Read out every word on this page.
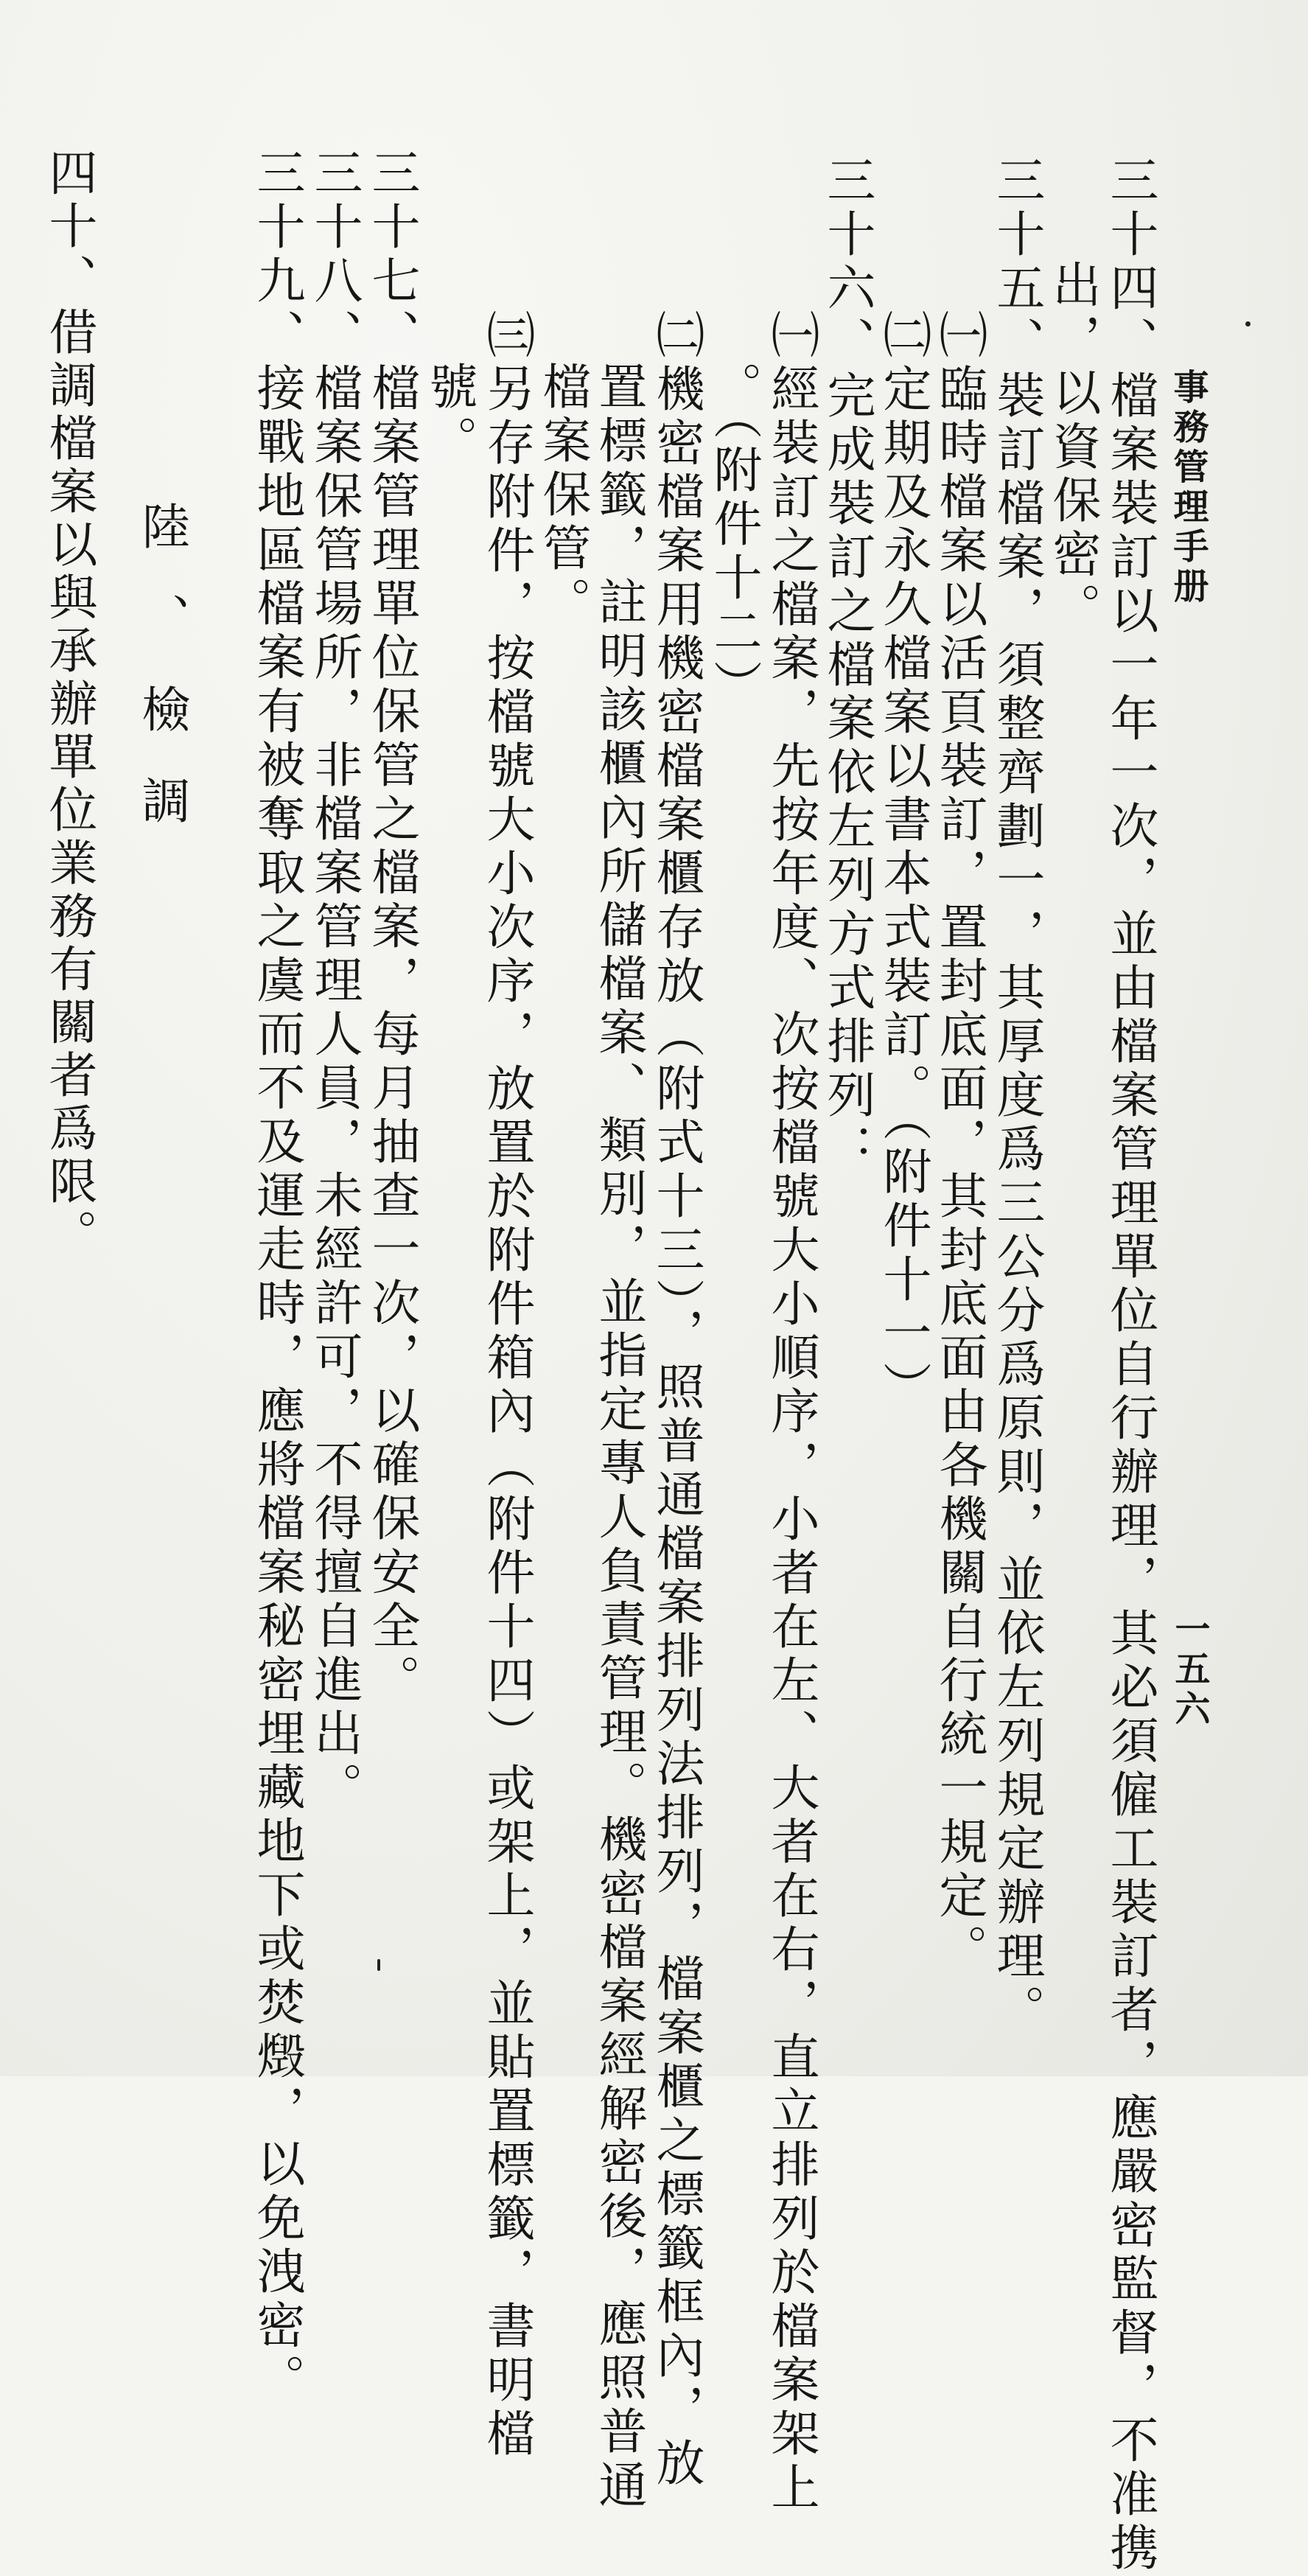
事務管理手册
一五六
三十四、檔案裝訂以一年一次，並由檔案管理單位自行辦理，其必須僱工裝訂者，應嚴密監督，不准携
出，以資保密。
三十五、裝訂檔案，須整齊劃一，其厚度爲三公分爲原則，並依左列規定辦理。
㈠臨時檔案以活頁裝訂，置封底面，其封底面由各機關自行統一規定。
㈡定期及永久檔案以書本式裝訂。（附件十一）
三十六、完成裝訂之檔案依左列方式排列：
㈠經裝訂之檔案，先按年度、次按檔號大小順序，小者在左、大者在右，直立排列於檔案架上
。（附件十二）
㈡機密檔案用機密檔案櫃存放（附式十三），照普通檔案排列法排列，檔案櫃之標籤框內，放
置標籤，註明該櫃內所儲檔案、類別，並指定專人負責管理。機密檔案經解密後，應照普通
檔案保管。
㈢另存附件，按檔號大小次序，放置於附件箱內（附件十四）或架上，並貼置標籤，書明檔
號。
三十七、檔案管理單位保管之檔案，每月抽查一次，以確保安全。
三十八、檔案保管場所，非檔案管理人員，未經許可，不得擅自進出。
三十九、接戰地區檔案有被奪取之虞而不及運走時，應將檔案秘密埋藏地下或焚燬，以免洩密。
陸、檢調
四十、借調檔案以與承辦單位業務有關者爲限。
